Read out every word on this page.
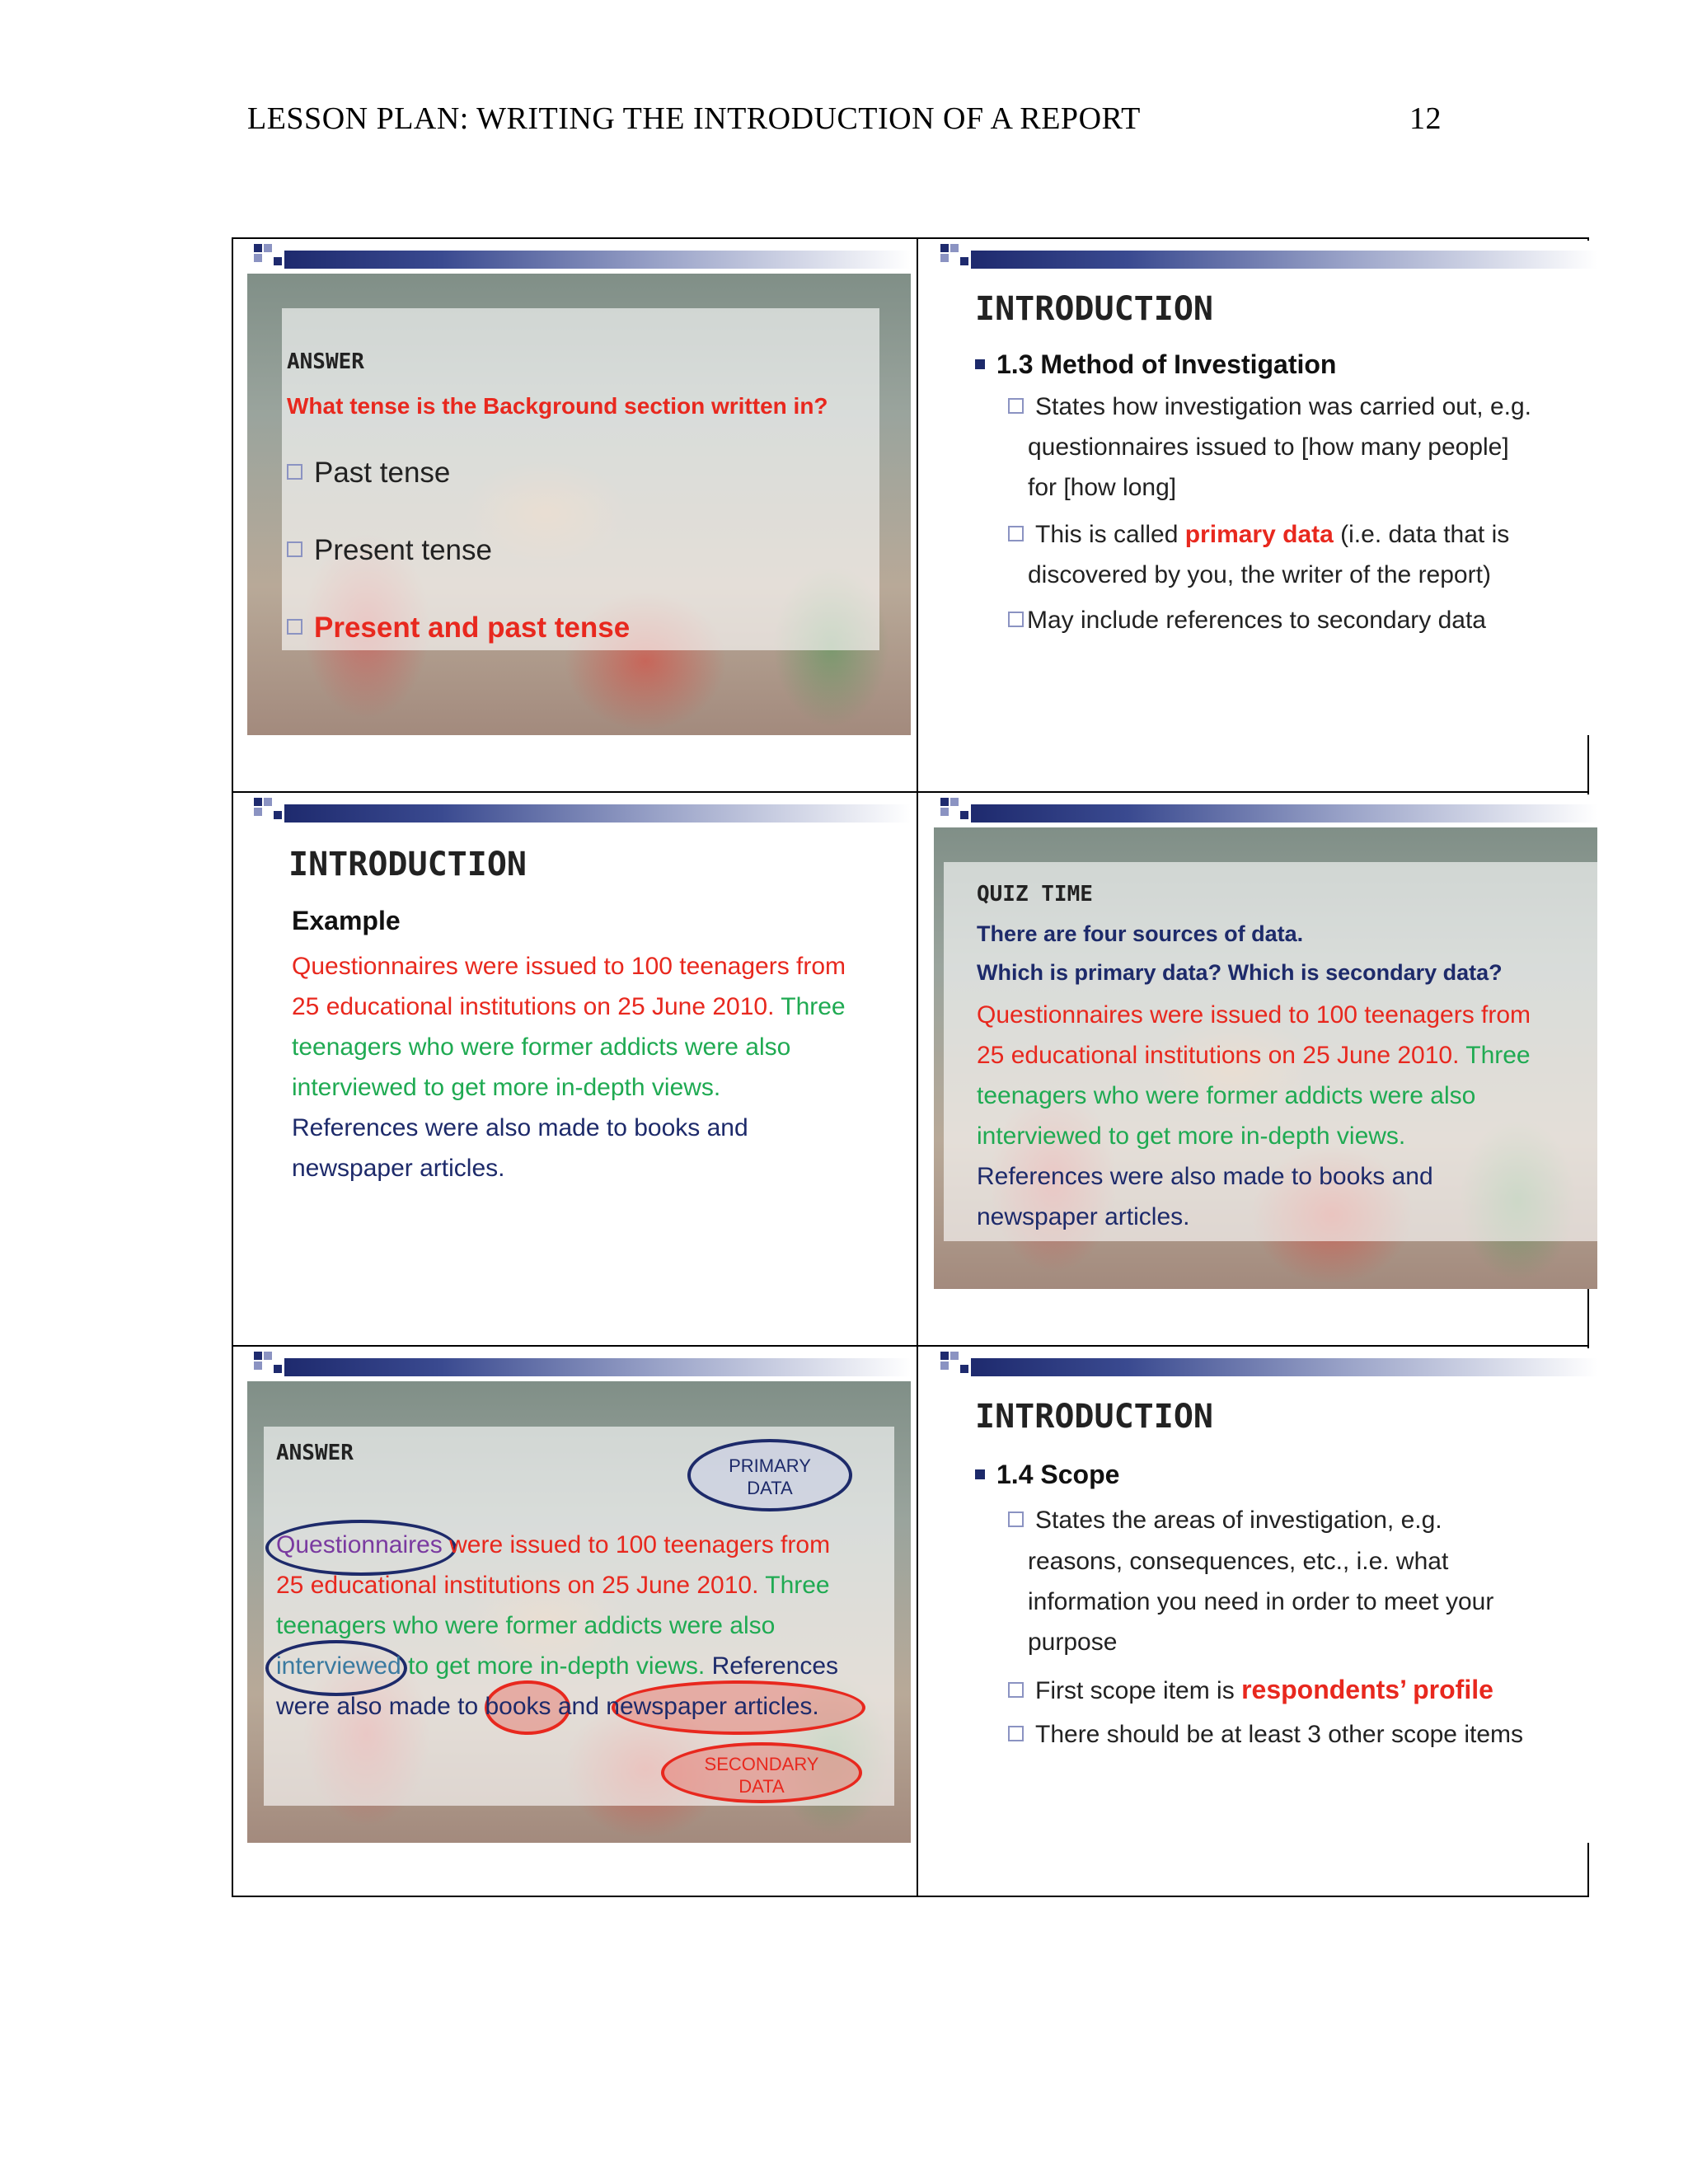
LESSON PLAN: WRITING THE INTRODUCTION OF A REPORT	12
ANSWER
What tense is the Background section written in?
Past tense
Present tense
Present and past tense
INTRODUCTION
1.3 Method of Investigation
States how investigation was carried out, e.g.
questionnaires issued to [how many people]
for [how long]
This is called primary data (i.e. data that is
discovered by you, the writer of the report)
May include references to secondary data
INTRODUCTION
Example
Questionnaires were issued to 100 teenagers from
25 educational institutions on 25 June 2010. Three
teenagers who were former addicts were also
interviewed to get more in-depth views.
References were also made to books and
newspaper articles.
QUIZ TIME
There are four sources of data.
Which is primary data? Which is secondary data?
Questionnaires were issued to 100 teenagers from
25 educational institutions on 25 June 2010. Three
teenagers who were former addicts were also
interviewed to get more in-depth views.
References were also made to books and
newspaper articles.
ANSWER
PRIMARY
DATA
Questionnaires were issued to 100 teenagers from
25 educational institutions on 25 June 2010. Three
teenagers who were former addicts were also
interviewed to get more in-depth views. References
were also made to books and newspaper articles.
SECONDARY
DATA
INTRODUCTION
1.4 Scope
States the areas of investigation, e.g.
reasons, consequences, etc., i.e. what
information you need in order to meet your
purpose
First scope item is respondents’ profile
There should be at least 3 other scope items
